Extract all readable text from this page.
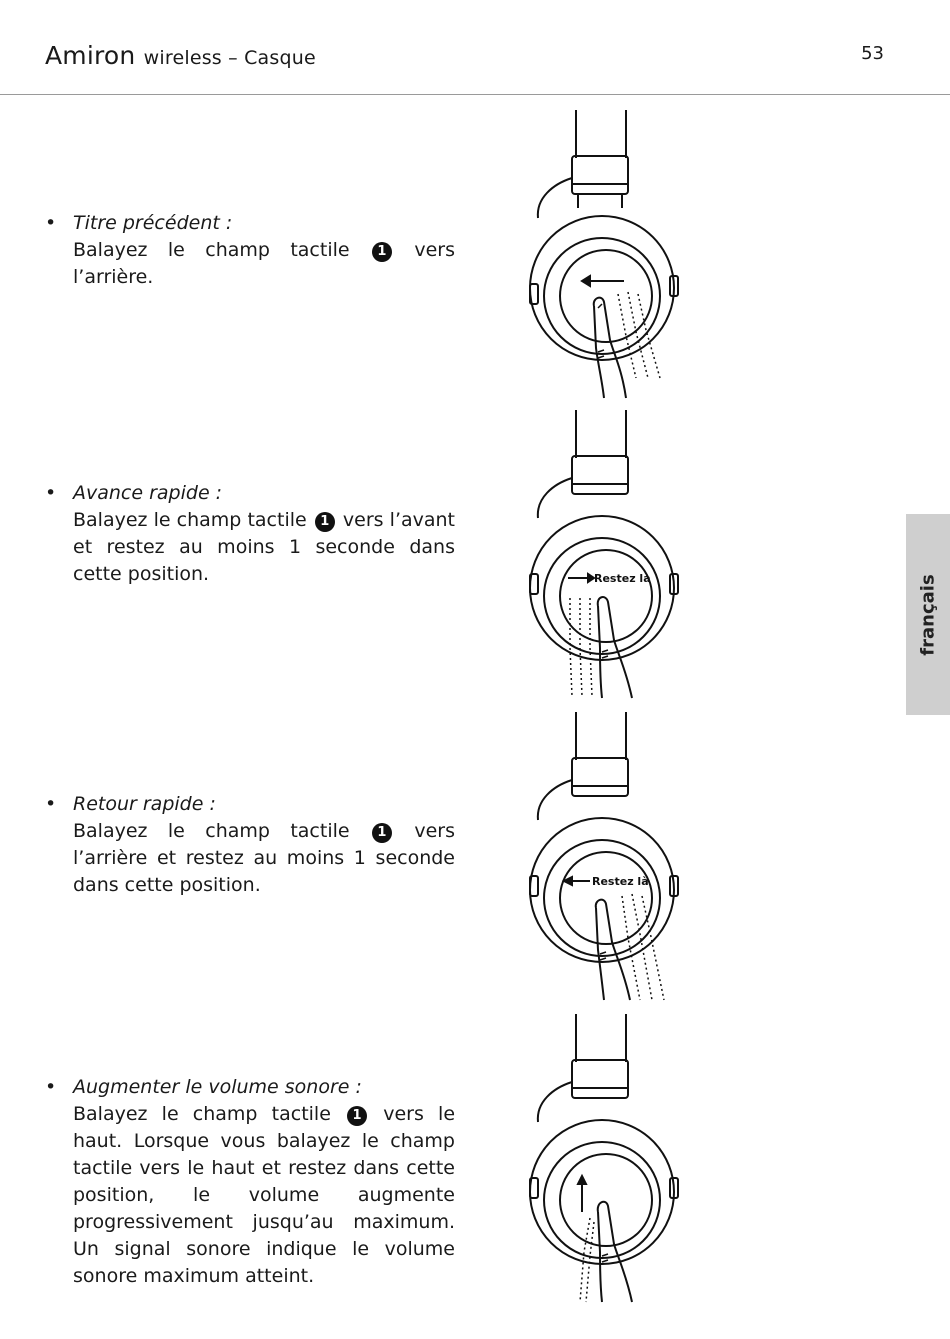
Amiron wireless – Casque	53
français
• Titre précédent :
Balayez le champ tactile 1 vers l’arrière.
• Avance rapide :
Balayez le champ tactile 1 vers l’avant et restez au moins 1 seconde dans cette position.
• Retour rapide :
Balayez le champ tactile 1 vers l’arrière et restez au moins 1 seconde dans cette position.
• Augmenter le volume sonore :
Balayez le champ tactile 1 vers le haut. Lorsque vous balayez le champ tactile vers le haut et restez dans cette position, le volume augmente progressivement jusqu’au maximum. Un signal sonore indique le volume sonore maximum atteint.
Restez là
Restez là
